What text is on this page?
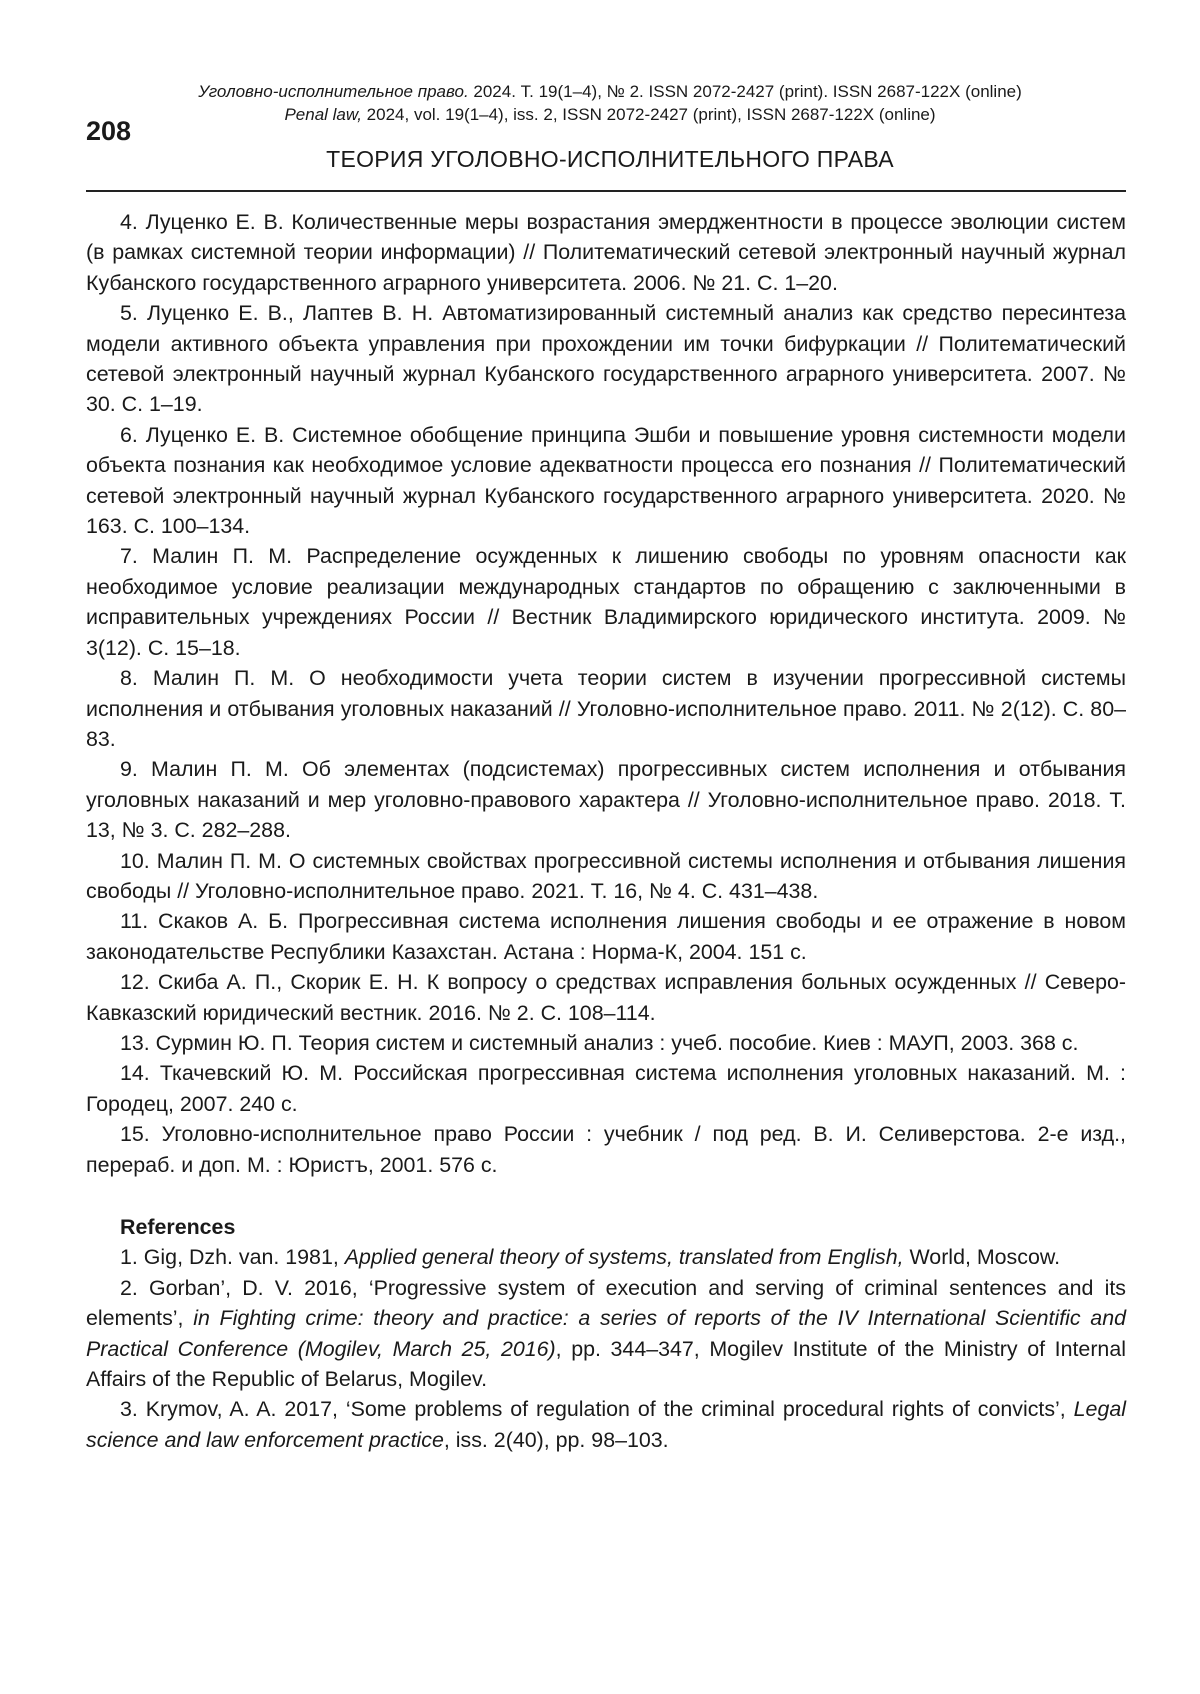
Уголовно-исполнительное право. 2024. Т. 19(1–4), № 2. ISSN 2072-2427 (print). ISSN 2687-122X (online)
Penal law, 2024, vol. 19(1–4), iss. 2, ISSN 2072-2427 (print), ISSN 2687-122X (online)
208
ТЕОРИЯ УГОЛОВНО-ИСПОЛНИТЕЛЬНОГО ПРАВА

4. Луценко Е. В. Количественные меры возрастания эмерджентности в процессе эволюции систем (в рамках системной теории информации) // Политематический сетевой электронный научный журнал Кубанского государственного аграрного университета. 2006. № 21. С. 1–20.

5. Луценко Е. В., Лаптев В. Н. Автоматизированный системный анализ как средство пересинтеза модели активного объекта управления при прохождении им точки бифуркации // Политематический сетевой электронный научный журнал Кубанского государственного аграрного университета. 2007. № 30. С. 1–19.

6. Луценко Е. В. Системное обобщение принципа Эшби и повышение уровня системности модели объекта познания как необходимое условие адекватности процесса его познания // Политематический сетевой электронный научный журнал Кубанского государственного аграрного университета. 2020. № 163. С. 100–134.

7. Малин П. М. Распределение осужденных к лишению свободы по уровням опасности как необходимое условие реализации международных стандартов по обращению с заключенными в исправительных учреждениях России // Вестник Владимирского юридического института. 2009. № 3(12). С. 15–18.

8. Малин П. М. О необходимости учета теории систем в изучении прогрессивной системы исполнения и отбывания уголовных наказаний // Уголовно-исполнительное право. 2011. № 2(12). С. 80–83.

9. Малин П. М. Об элементах (подсистемах) прогрессивных систем исполнения и отбывания уголовных наказаний и мер уголовно-правового характера // Уголовно-исполнительное право. 2018. Т. 13, № 3. С. 282–288.

10. Малин П. М. О системных свойствах прогрессивной системы исполнения и отбывания лишения свободы // Уголовно-исполнительное право. 2021. Т. 16, № 4. С. 431–438.

11. Скаков А. Б. Прогрессивная система исполнения лишения свободы и ее отражение в новом законодательстве Республики Казахстан. Астана : Норма-К, 2004. 151 с.

12. Скиба А. П., Скорик Е. Н. К вопросу о средствах исправления больных осужденных // Северо-Кавказский юридический вестник. 2016. № 2. С. 108–114.

13. Сурмин Ю. П. Теория систем и системный анализ : учеб. пособие. Киев : МАУП, 2003. 368 с.

14. Ткачевский Ю. М. Российская прогрессивная система исполнения уголовных наказаний. М. : Городец, 2007. 240 с.

15. Уголовно-исполнительное право России : учебник / под ред. В. И. Селиверстова. 2-е изд., перераб. и доп. М. : Юристъ, 2001. 576 с.

References

1. Gig, Dzh. van. 1981, Applied general theory of systems, translated from English, World, Moscow.

2. Gorban’, D. V. 2016, ‘Progressive system of execution and serving of criminal sentences and its elements’, in Fighting crime: theory and practice: a series of reports of the IV International Scientific and Practical Conference (Mogilev, March 25, 2016), pp. 344–347, Mogilev Institute of the Ministry of Internal Affairs of the Republic of Belarus, Mogilev.

3. Krymov, A. A. 2017, ‘Some problems of regulation of the criminal procedural rights of convicts’, Legal science and law enforcement practice, iss. 2(40), pp. 98–103.
